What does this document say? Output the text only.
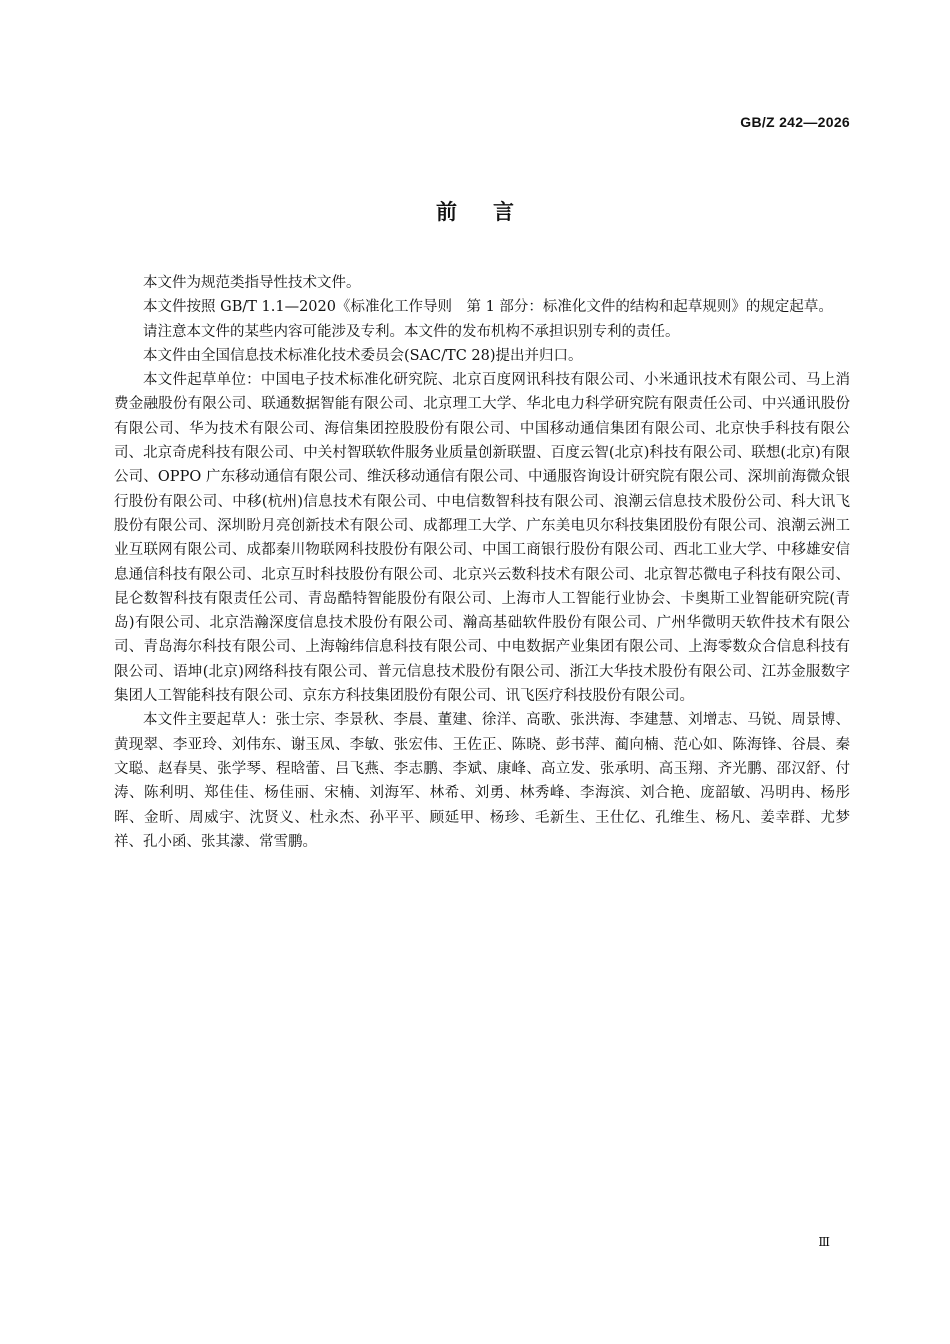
GB/Z 242—2026
前言

本文件为规范类指导性技术文件。

本文件按照 GB/T 1.1—2020《标准化工作导则　第 1 部分：标准化文件的结构和起草规则》的规定起草。

请注意本文件的某些内容可能涉及专利。本文件的发布机构不承担识别专利的责任。

本文件由全国信息技术标准化技术委员会(SAC/TC 28)提出并归口。

本文件起草单位：中国电子技术标准化研究院、北京百度网讯科技有限公司、小米通讯技术有限公司、马上消费金融股份有限公司、联通数据智能有限公司、北京理工大学、华北电力科学研究院有限责任公司、中兴通讯股份有限公司、华为技术有限公司、海信集团控股股份有限公司、中国移动通信集团有限公司、北京快手科技有限公司、北京奇虎科技有限公司、中关村智联软件服务业质量创新联盟、百度云智(北京)科技有限公司、联想(北京)有限公司、OPPO 广东移动通信有限公司、维沃移动通信有限公司、中通服咨询设计研究院有限公司、深圳前海微众银行股份有限公司、中移(杭州)信息技术有限公司、中电信数智科技有限公司、浪潮云信息技术股份公司、科大讯飞股份有限公司、深圳盼月亮创新技术有限公司、成都理工大学、广东美电贝尔科技集团股份有限公司、浪潮云洲工业互联网有限公司、成都秦川物联网科技股份有限公司、中国工商银行股份有限公司、西北工业大学、中移雄安信息通信科技有限公司、北京互时科技股份有限公司、北京兴云数科技术有限公司、北京智芯微电子科技有限公司、昆仑数智科技有限责任公司、青岛酷特智能股份有限公司、上海市人工智能行业协会、卡奥斯工业智能研究院(青岛)有限公司、北京浩瀚深度信息技术股份有限公司、瀚高基础软件股份有限公司、广州华微明天软件技术有限公司、青岛海尔科技有限公司、上海翰纬信息科技有限公司、中电数据产业集团有限公司、上海零数众合信息科技有限公司、语坤(北京)网络科技有限公司、普元信息技术股份有限公司、浙江大华技术股份有限公司、江苏金服数字集团人工智能科技有限公司、京东方科技集团股份有限公司、讯飞医疗科技股份有限公司。

本文件主要起草人：张士宗、李景秋、李晨、董建、徐洋、高歌、张洪海、李建慧、刘增志、马锐、周景博、黄现翠、李亚玲、刘伟东、谢玉凤、李敏、张宏伟、王佐正、陈晓、彭书萍、蔺向楠、范心如、陈海锋、谷晨、秦文聪、赵春昊、张学琴、程晗蕾、吕飞燕、李志鹏、李斌、康峰、高立发、张承明、高玉翔、齐光鹏、邵汉舒、付涛、陈利明、郑佳佳、杨佳丽、宋楠、刘海军、林希、刘勇、林秀峰、李海滨、刘合艳、庞韶敏、冯明冉、杨彤晖、金昕、周威宇、沈贤义、杜永杰、孙平平、顾延甲、杨珍、毛新生、王仕亿、孔维生、杨凡、姜幸群、尤梦祥、孔小函、张其濛、常雪鹏。

Ⅲ
